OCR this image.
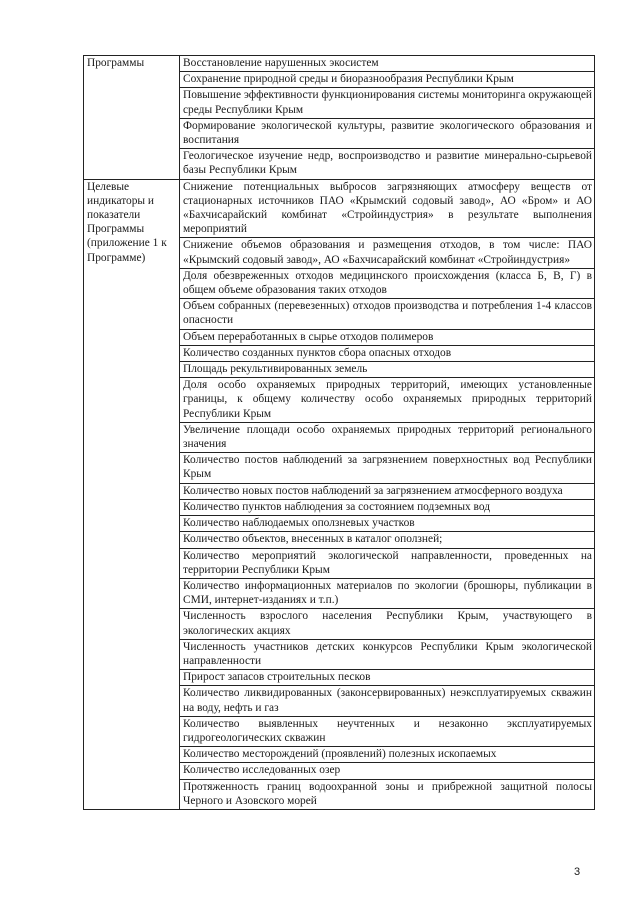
Программы	Восстановление нарушенных экосистем
	Сохранение природной среды и биоразнообразия Республики Крым
	Повышение эффективности функционирования системы мониторинга окружающей среды Республики Крым
	Формирование экологической культуры, развитие экологического образования и воспитания
	Геологическое изучение недр, воспроизводство и развитие минерально-сырьевой базы Республики Крым

Целевые индикаторы и показатели Программы (приложение 1 к Программе)	Снижение потенциальных выбросов загрязняющих атмосферу веществ от стационарных источников ПАО «Крымский содовый завод», АО «Бром» и АО «Бахчисарайский комбинат «Стройиндустрия» в результате выполнения мероприятий
	Снижение объемов образования и размещения отходов, в том числе: ПАО «Крымский содовый завод», АО «Бахчисарайский комбинат «Стройиндустрия»
	Доля обезвреженных отходов медицинского происхождения (класса Б, В, Г) в общем объеме образования таких отходов
	Объем собранных (перевезенных) отходов производства и потребления 1-4 классов опасности
	Объем переработанных в сырье отходов полимеров
	Количество созданных пунктов сбора опасных отходов
	Площадь рекультивированных земель
	Доля особо охраняемых природных территорий, имеющих установленные границы, к общему количеству особо охраняемых природных территорий Республики Крым
	Увеличение площади особо охраняемых природных территорий регионального значения
	Количество постов наблюдений за загрязнением поверхностных вод Республики Крым
	Количество новых постов наблюдений за загрязнением атмосферного воздуха
	Количество пунктов наблюдения за состоянием подземных вод
	Количество наблюдаемых оползневых участков
	Количество объектов, внесенных в каталог оползней;
	Количество мероприятий экологической направленности, проведенных на территории Республики Крым
	Количество информационных материалов по экологии (брошюры, публикации в СМИ, интернет-изданиях и т.п.)
	Численность взрослого населения Республики Крым, участвующего в экологических акциях
	Численность участников детских конкурсов Республики Крым экологической направленности
	Прирост запасов строительных песков
	Количество ликвидированных (законсервированных) неэксплуатируемых скважин на воду, нефть и газ
	Количество выявленных неучтенных и незаконно эксплуатируемых гидрогеологических скважин
	Количество месторождений (проявлений) полезных ископаемых
	Количество исследованных озер
	Протяженность границ водоохранной зоны и прибрежной защитной полосы Черного и Азовского морей
3
